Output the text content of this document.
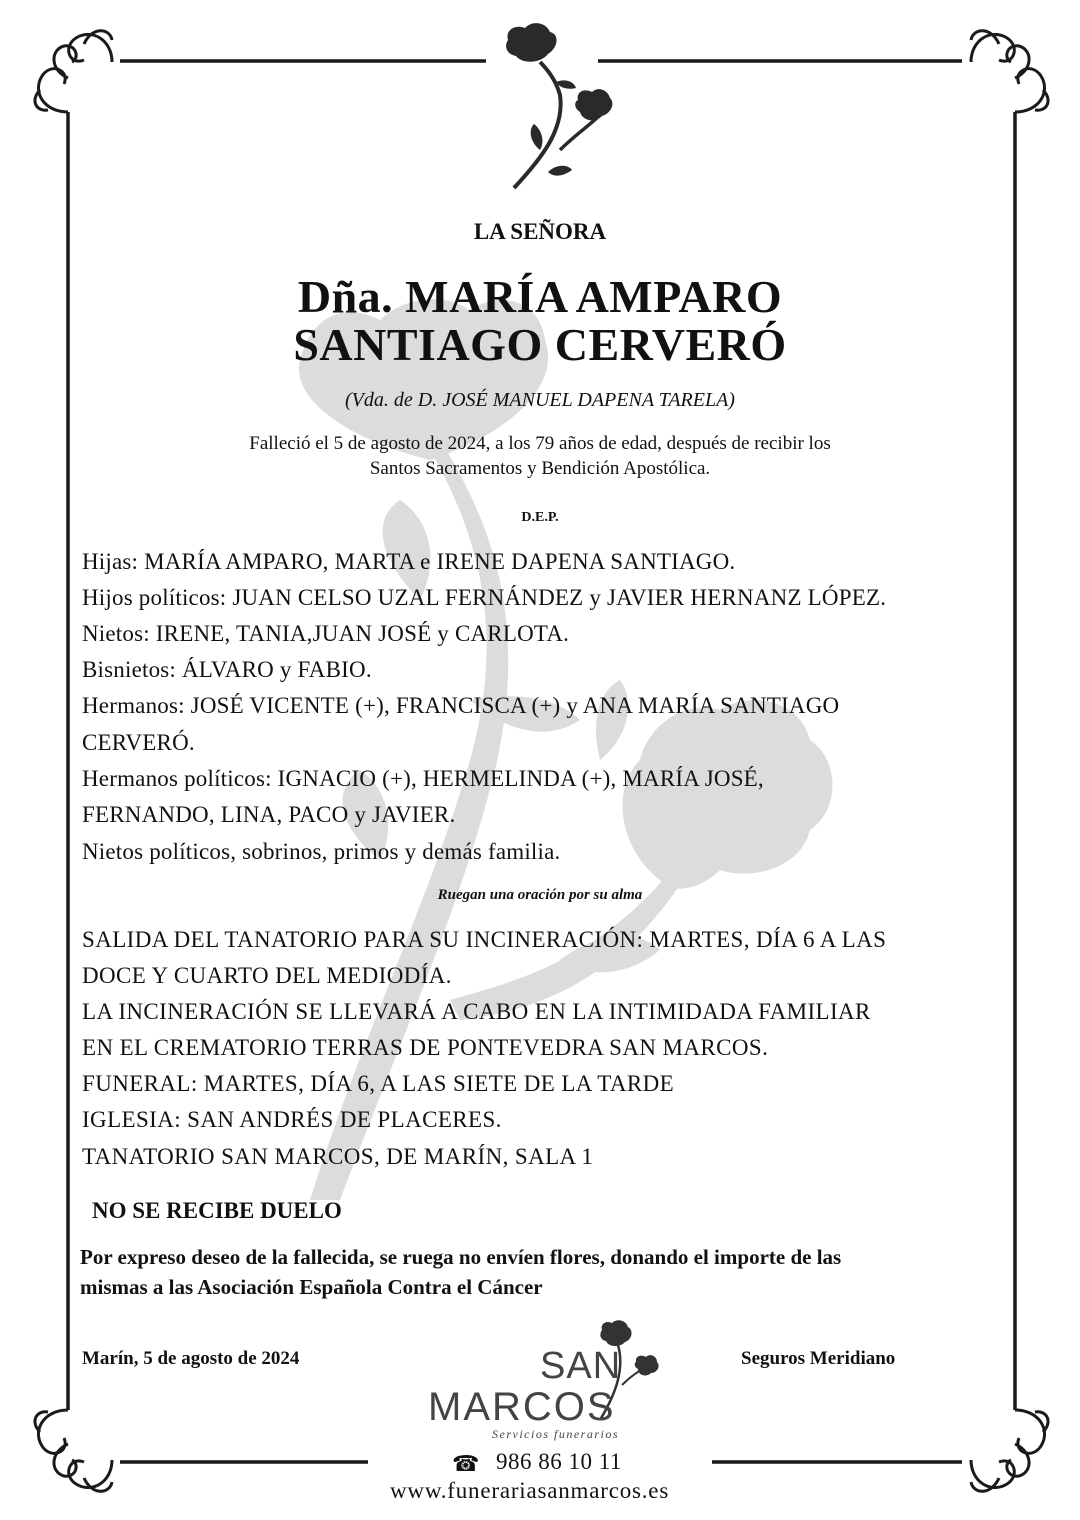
LA SEÑORA
Dña. MARÍA AMPARO
SANTIAGO CERVERÓ
(Vda. de D. JOSÉ MANUEL DAPENA TARELA)
Falleció el 5 de agosto de 2024, a los 79 años de edad, después de recibir los
Santos Sacramentos y Bendición Apostólica.
D.E.P.
Hijas: MARÍA AMPARO, MARTA e IRENE DAPENA SANTIAGO.
Hijos políticos: JUAN CELSO UZAL FERNÁNDEZ y JAVIER HERNANZ LÓPEZ.
Nietos: IRENE, TANIA,JUAN JOSÉ y CARLOTA.
Bisnietos: ÁLVARO y FABIO.
Hermanos: JOSÉ VICENTE (+), FRANCISCA (+) y ANA MARÍA SANTIAGO
CERVERÓ.
Hermanos políticos: IGNACIO (+), HERMELINDA (+), MARÍA JOSÉ,
FERNANDO, LINA, PACO y JAVIER.
Nietos políticos, sobrinos, primos y demás familia.
Ruegan una oración por su alma
SALIDA DEL TANATORIO PARA SU INCINERACIÓN: MARTES, DÍA 6 A LAS
DOCE Y CUARTO DEL MEDIODÍA.
LA INCINERACIÓN SE LLEVARÁ A CABO EN LA INTIMIDADA FAMILIAR
EN EL CREMATORIO TERRAS DE PONTEVEDRA SAN MARCOS.
FUNERAL: MARTES, DÍA 6, A LAS SIETE DE LA TARDE
IGLESIA: SAN ANDRÉS DE PLACERES.
TANATORIO SAN MARCOS, DE MARÍN, SALA 1
NO SE RECIBE DUELO
Por expreso deseo de la fallecida, se ruega no envíen flores, donando el importe de las
mismas a las Asociación Española Contra el Cáncer
Marín, 5 de agosto de 2024	Seguros Meridiano
SAN
MARCOS
Servicios funerarios
☎ 986 86 10 11
www.funerariasanmarcos.es
